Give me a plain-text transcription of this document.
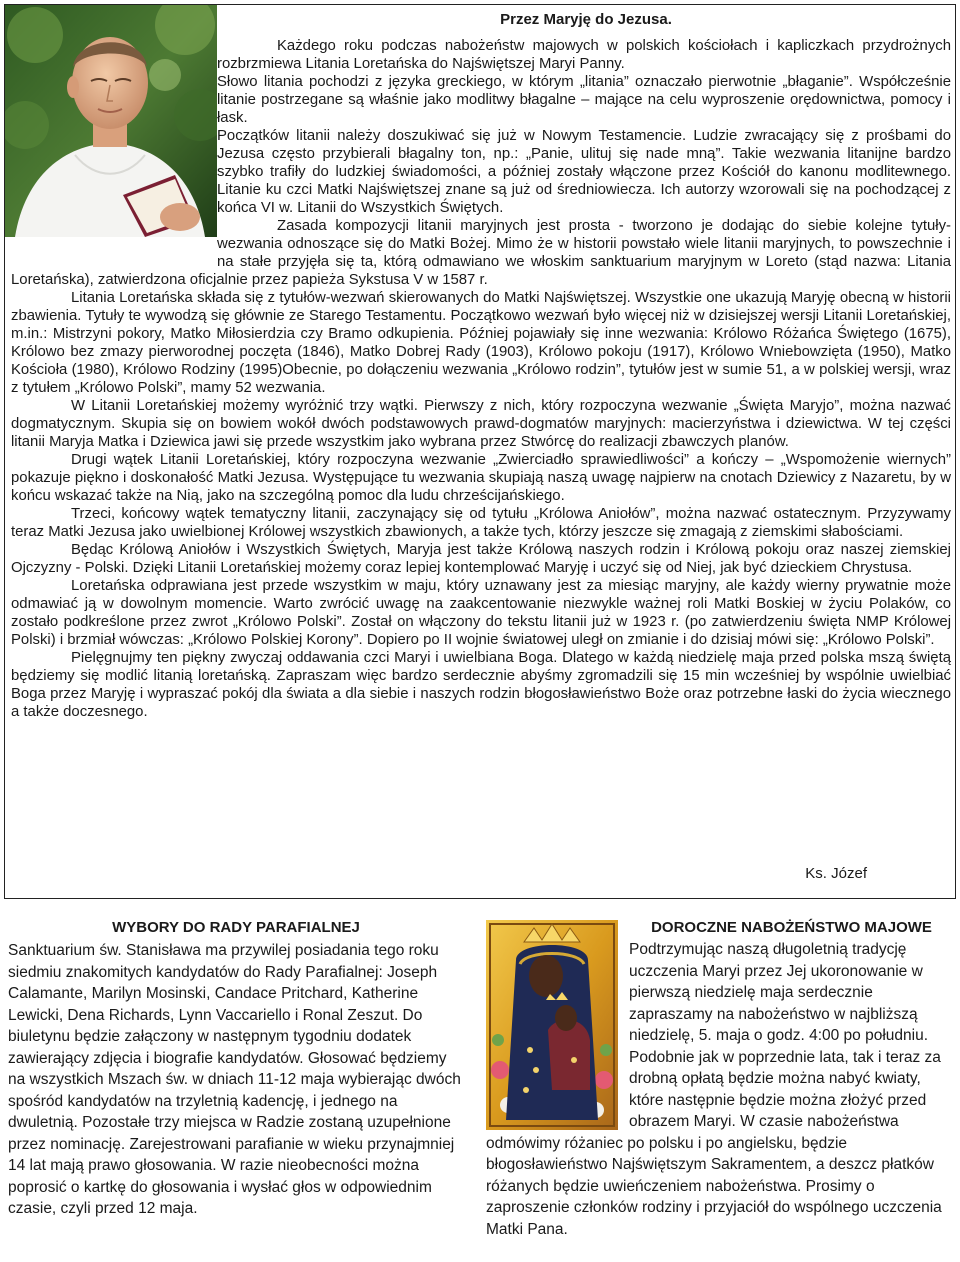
Przez Maryję do Jezusa.

Każdego roku podczas nabożeństw majowych w polskich kościołach i kapliczkach przydrożnych rozbrzmiewa Litania Loretańska do Najświętszej Maryi Panny.

Słowo litania pochodzi z języka greckiego, w którym „litania” oznaczało pierwotnie „błaganie”. Współcześnie litanie postrzegane są właśnie jako modlitwy błagalne – mające na celu wyproszenie orędownictwa, pomocy i łask.

Początków litanii należy doszukiwać się już w Nowym Testamencie. Ludzie zwracający się z prośbami do Jezusa często przybierali błagalny ton, np.: „Panie, ulituj się nade mną”. Takie wezwania litanijne bardzo szybko trafiły do ludzkiej świadomości, a później zostały włączone przez Kościół do kanonu modlitewnego. Litanie ku czci Matki Najświętszej znane są już od średniowiecza. Ich autorzy wzorowali się na pochodzącej z końca VI w. Litanii do Wszystkich Świętych.

Zasada kompozycji litanii maryjnych jest prosta - tworzono je dodając do siebie kolejne tytuły-wezwania odnoszące się do Matki Bożej. Mimo że w historii powstało wiele litanii maryjnych, to powszechnie i na stałe przyjęła się ta, którą odmawiano we włoskim sanktuarium maryjnym w Loreto (stąd nazwa: Litania Loretańska), zatwierdzona oficjalnie przez papieża Sykstusa V w 1587 r.

Litania Loretańska składa się z tytułów-wezwań skierowanych do Matki Najświętszej. Wszystkie one ukazują Maryję obecną w historii zbawienia. Tytuły te wywodzą się głównie ze Starego Testamentu. Początkowo wezwań było więcej niż w dzisiejszej wersji Litanii Loretańskiej, m.in.: Mistrzyni pokory, Matko Miłosierdzia czy Bramo odkupienia. Później pojawiały się inne wezwania: Królowo Różańca Świętego (1675), Królowo bez zmazy pierworodnej poczęta (1846), Matko Dobrej Rady (1903), Królowo pokoju (1917), Królowo Wniebowzięta (1950), Matko Kościoła (1980), Królowo Rodziny (1995)Obecnie, po dołączeniu wezwania „Królowo rodzin”, tytułów jest w sumie 51, a w polskiej wersji, wraz z tytułem „Królowo Polski”, mamy 52 wezwania.

W Litanii Loretańskiej możemy wyróżnić trzy wątki. Pierwszy z nich, który rozpoczyna wezwanie „Święta Maryjo”, można nazwać dogmatycznym. Skupia się on bowiem wokół dwóch podstawowych prawd-dogmatów maryjnych: macierzyństwa i dziewictwa. W tej części litanii Maryja Matka i Dziewica jawi się przede wszystkim jako wybrana przez Stwórcę do realizacji zbawczych planów.

Drugi wątek Litanii Loretańskiej, który rozpoczyna wezwanie „Zwierciadło sprawiedliwości” a kończy – „Wspomożenie wiernych” pokazuje piękno i doskonałość Matki Jezusa. Występujące tu wezwania skupiają naszą uwagę najpierw na cnotach Dziewicy z Nazaretu, by w końcu wskazać także na Nią, jako na szczególną pomoc dla ludu chrześcijańskiego.

Trzeci, końcowy wątek tematyczny litanii, zaczynający się od tytułu „Królowa Aniołów”, można nazwać ostatecznym. Przyzywamy teraz Matki Jezusa jako uwielbionej Królowej wszystkich zbawionych, a także tych, którzy jeszcze się zmagają z ziemskimi słabościami.

Będąc Królową Aniołów i Wszystkich Świętych, Maryja jest także Królową naszych rodzin i Królową pokoju oraz naszej ziemskiej Ojczyzny - Polski. Dzięki Litanii Loretańskiej możemy coraz lepiej kontemplować Maryję i uczyć się od Niej, jak być dzieckiem Chrystusa.

Loretańska odprawiana jest przede wszystkim w maju, który uznawany jest za miesiąc maryjny, ale każdy wierny prywatnie może odmawiać ją w dowolnym momencie. Warto zwrócić uwagę na zaakcentowanie niezwykle ważnej roli Matki Boskiej w życiu Polaków, co zostało podkreślone przez zwrot „Królowo Polski”. Został on włączony do tekstu litanii już w 1923 r. (po zatwierdzeniu święta NMP Królowej Polski) i brzmiał wówczas: „Królowo Polskiej Korony”. Dopiero po II wojnie światowej uległ on zmianie i do dzisiaj mówi się: „Królowo Polski”.

Pielęgnujmy ten piękny zwyczaj oddawania czci Maryi i uwielbiana Boga. Dlatego w każdą niedzielę maja przed polska mszą świętą będziemy się modlić litanią loretańską. Zapraszam więc bardzo serdecznie abyśmy zgromadzili się 15 min wcześniej by wspólnie uwielbiać Boga przez Maryję i wypraszać pokój dla świata a dla siebie i naszych rodzin błogosławieństwo Boże oraz potrzebne łaski do życia wiecznego a także doczesnego.

Ks. Józef
WYBORY DO RADY PARAFIALNEJ
Sanktuarium św. Stanisława ma przywilej posiadania tego roku siedmiu znakomitych kandydatów do Rady Parafialnej: Joseph Calamante, Marilyn Mosinski, Candace Pritchard, Katherine Lewicki, Dena Richards, Lynn Vaccariello i Ronal Zeszut. Do biuletynu będzie załączony w następnym tygodniu dodatek zawierający zdjęcia i biografie kandydatów. Głosować będziemy na wszystkich Mszach św. w dniach 11-12 maja wybierając dwóch spośród kandydatów na trzyletnią kadencję, i jednego na dwuletnią. Pozostałe trzy miejsca w Radzie zostaną uzupełnione przez nominację. Zarejestrowani parafianie w wieku przynajmniej 14 lat mają prawo głosowania. W razie nieobecności można poprosić o kartkę do głosowania i wysłać głos w odpowiednim czasie, czyli przed 12 maja.
DOROCZNE NABOŻEŃSTWO MAJOWE
Podtrzymując naszą długoletnią tradycję uczczenia Maryi przez Jej ukoronowanie w pierwszą niedzielę maja serdecznie zapraszamy na nabożeństwo w najbliższą niedzielę, 5. maja o godz. 4:00 po południu. Podobnie jak w poprzednie lata, tak i teraz za drobną opłatą będzie można nabyć kwiaty, które następnie będzie można złożyć przed obrazem Maryi. W czasie nabożeństwa odmówimy różaniec po polsku i po angielsku, będzie błogosławieństwo Najświętszym Sakramentem, a deszcz płatków różanych będzie uwieńczeniem nabożeństwa. Prosimy o zaproszenie członków rodziny i przyjaciół do wspólnego uczczenia Matki Pana.
